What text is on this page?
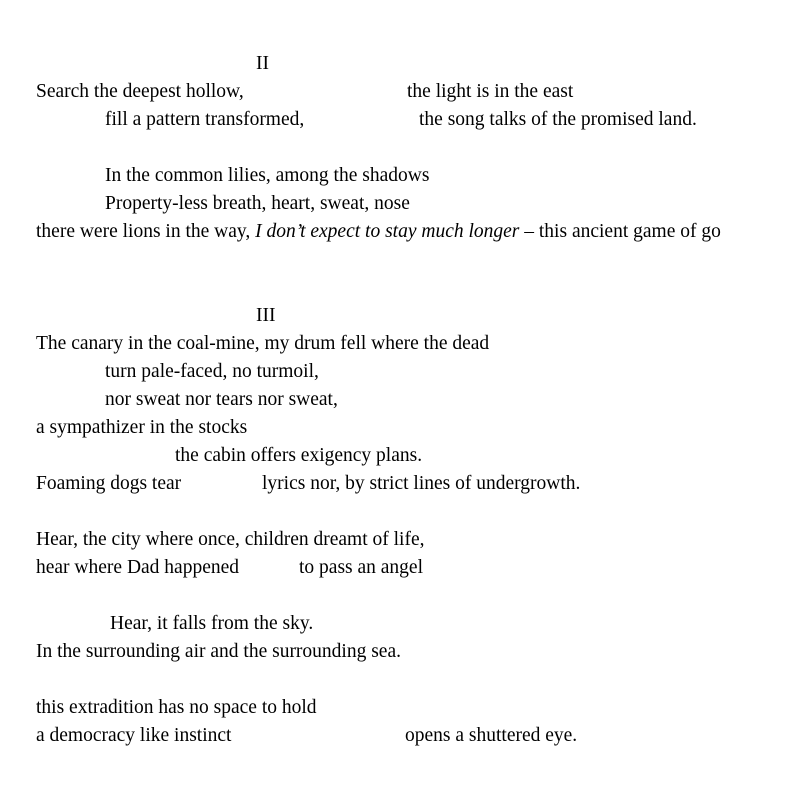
II
Search the deepest hollow,	the light is in the east
fill a pattern transformed,	the song talks of the promised land.
In the common lilies, among the shadows
Property-less breath, heart, sweat, nose
there were lions in the way, I don’t expect to stay much longer – this ancient game of go
III
The canary in the coal-mine, my drum fell where the dead
turn pale-faced, no turmoil,
nor sweat nor tears nor sweat,
a sympathizer in the stocks
the cabin offers exigency plans.
Foaming dogs tear	lyrics nor, by strict lines of undergrowth.
Hear, the city where once, children dreamt of life,
hear where Dad happened	to pass an angel
Hear, it falls from the sky.
In the surrounding air and the surrounding sea.
this extradition has no space to hold
a democracy like instinct	opens a shuttered eye.
